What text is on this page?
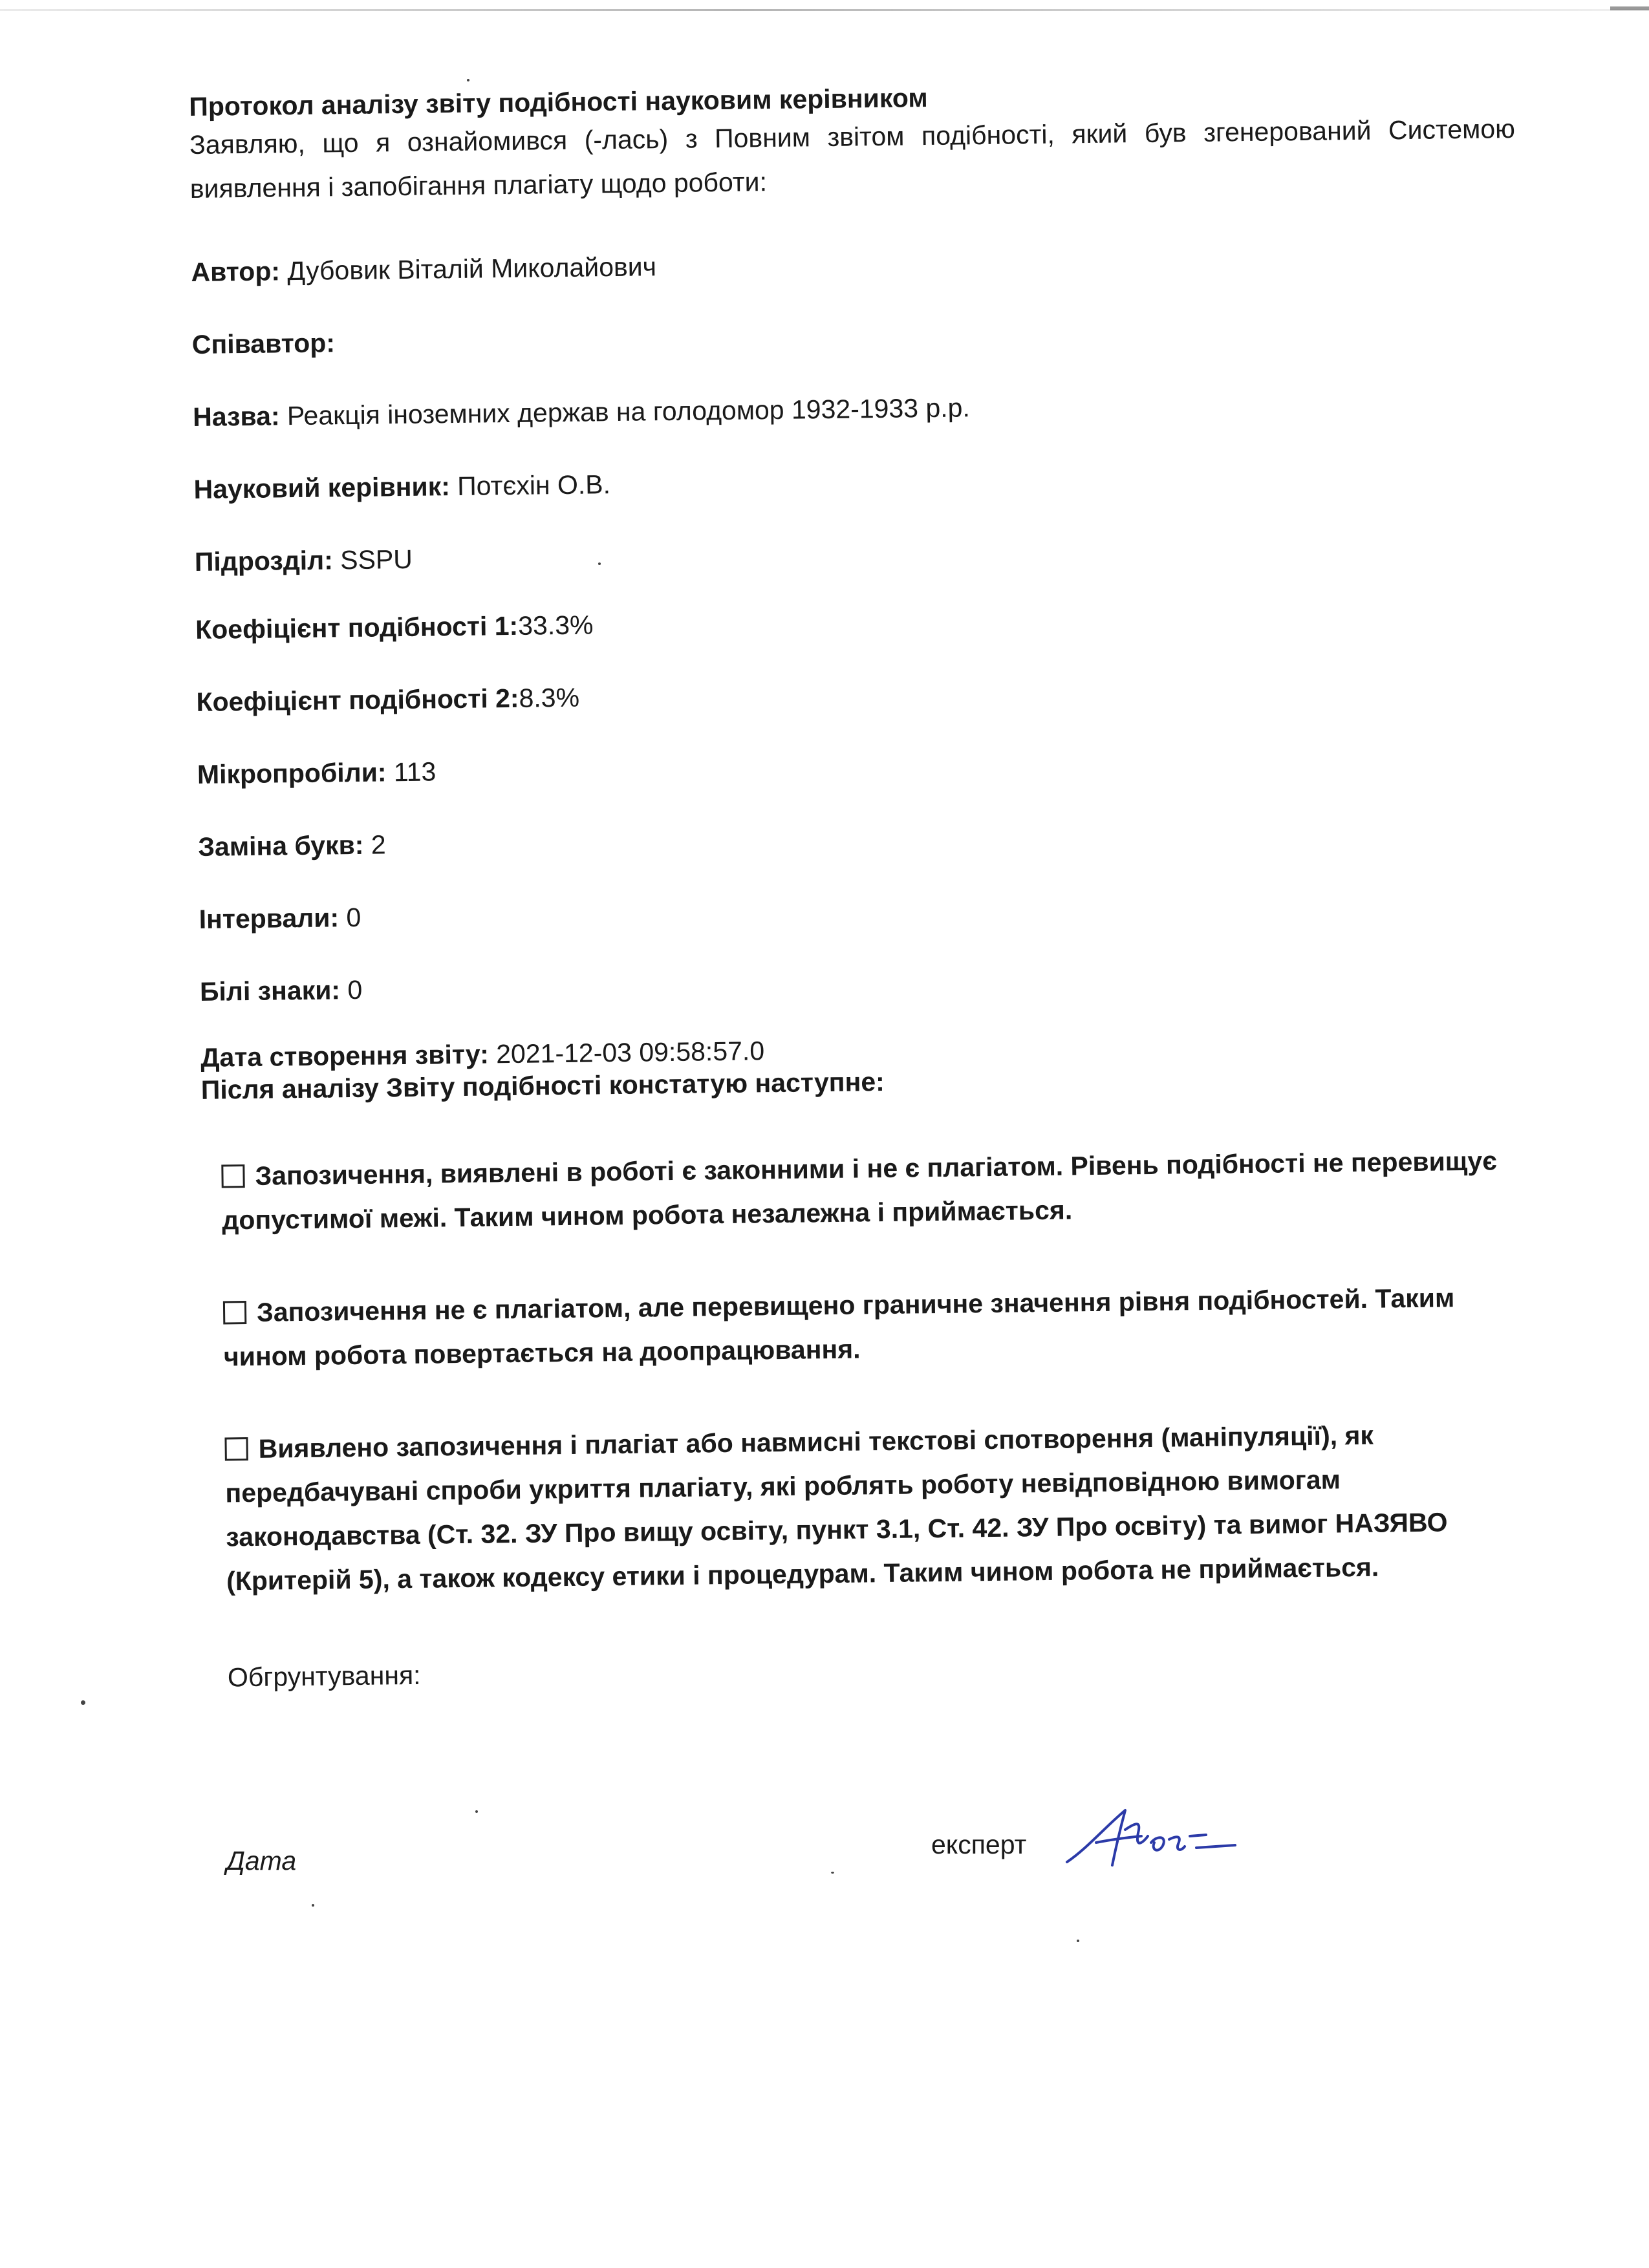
Протокол аналізу звіту подібності науковим керівником
Заявляю, що я ознайомився (-лась) з Повним звітом подібності, який був згенерований Системою виявлення і запобігання плагіату щодо роботи:
Автор: Дубовик Віталій Миколайович
Співавтор:
Назва: Реакція іноземних держав на голодомор 1932-1933 р.р.
Науковий керівник: Потєхін О.В.
Підрозділ: SSPU
Коефіцієнт подібності 1:33.3%
Коефіцієнт подібності 2:8.3%
Мікропробіли: 113
Заміна букв: 2
Інтервали: 0
Білі знаки: 0
Дата створення звіту: 2021-12-03 09:58:57.0
Після аналізу Звіту подібності констатую наступне:
Запозичення, виявлені в роботі є законними і не є плагіатом. Рівень подібності не перевищує допустимої межі. Таким чином робота незалежна і приймається.
Запозичення не є плагіатом, але перевищено граничне значення рівня подібностей. Таким чином робота повертається на доопрацювання.
Виявлено запозичення і плагіат або навмисні текстові спотворення (маніпуляції), як передбачувані спроби укриття плагіату, які роблять роботу невідповідною вимогам законодавства (Ст. 32. ЗУ Про вищу освіту, пункт 3.1, Ст. 42. ЗУ Про освіту) та вимог НАЗЯВО (Критерій 5), а також кодексу етики і процедурам. Таким чином робота не приймається.
Обгрунтування:
Дата
експерт
